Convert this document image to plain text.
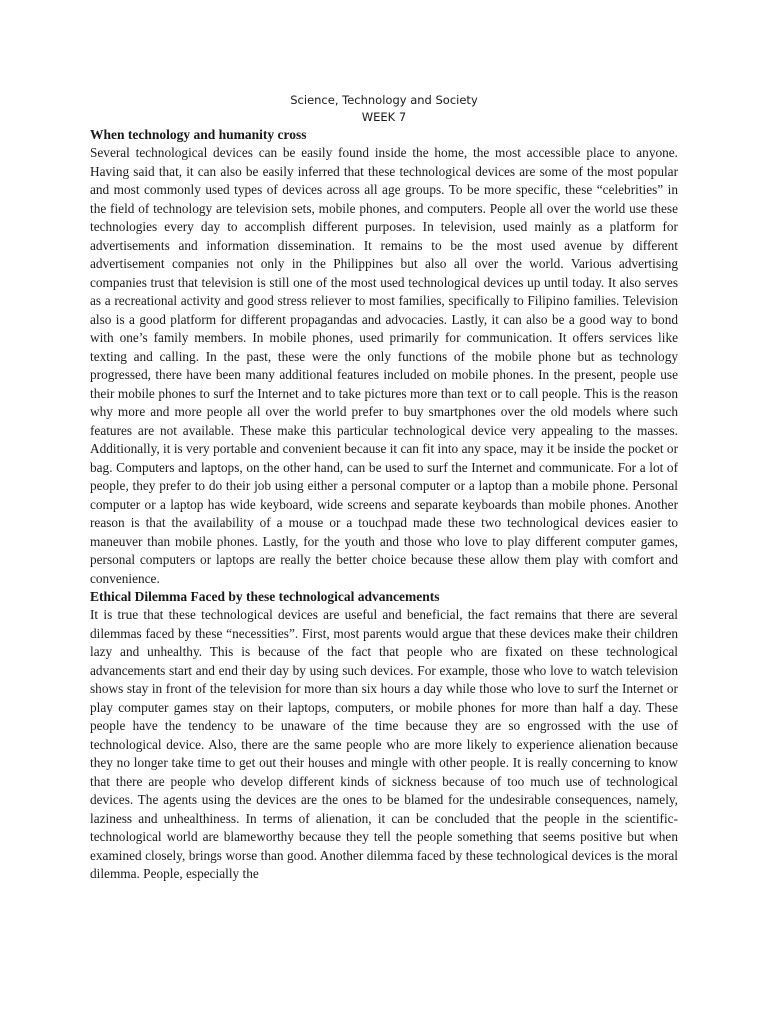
Science, Technology and Society
WEEK 7
When technology and humanity cross

Several technological devices can be easily found inside the home, the most accessible place to anyone. Having said that, it can also be easily inferred that these technological devices are some of the most popular and most commonly used types of devices across all age groups. To be more specific, these “celebrities” in the field of technology are television sets, mobile phones, and computers. People all over the world use these technologies every day to accomplish different purposes. In television, used mainly as a platform for advertisements and information dissemination. It remains to be the most used avenue by different advertisement companies not only in the Philippines but also all over the world. Various advertising companies trust that television is still one of the most used technological devices up until today. It also serves as a recreational activity and good stress reliever to most families, specifically to Filipino families. Television also is a good platform for different propagandas and advocacies. Lastly, it can also be a good way to bond with one’s family members. In mobile phones, used primarily for communication. It offers services like texting and calling. In the past, these were the only functions of the mobile phone but as technology progressed, there have been many additional features included on mobile phones. In the present, people use their mobile phones to surf the Internet and to take pictures more than text or to call people. This is the reason why more and more people all over the world prefer to buy smartphones over the old models where such features are not available. These make this particular technological device very appealing to the masses. Additionally, it is very portable and convenient because it can fit into any space, may it be inside the pocket or bag. Computers and laptops, on the other hand, can be used to surf the Internet and communicate. For a lot of people, they prefer to do their job using either a personal computer or a laptop than a mobile phone. Personal computer or a laptop has wide keyboard, wide screens and separate keyboards than mobile phones. Another reason is that the availability of a mouse or a touchpad made these two technological devices easier to maneuver than mobile phones. Lastly, for the youth and those who love to play different computer games, personal computers or laptops are really the better choice because these allow them play with comfort and convenience.

Ethical Dilemma Faced by these technological advancements

It is true that these technological devices are useful and beneficial, the fact remains that there are several dilemmas faced by these “necessities”. First, most parents would argue that these devices make their children lazy and unhealthy. This is because of the fact that people who are fixated on these technological advancements start and end their day by using such devices. For example, those who love to watch television shows stay in front of the television for more than six hours a day while those who love to surf the Internet or play computer games stay on their laptops, computers, or mobile phones for more than half a day. These people have the tendency to be unaware of the time because they are so engrossed with the use of technological device. Also, there are the same people who are more likely to experience alienation because they no longer take time to get out their houses and mingle with other people. It is really concerning to know that there are people who develop different kinds of sickness because of too much use of technological devices. The agents using the devices are the ones to be blamed for the undesirable consequences, namely, laziness and unhealthiness. In terms of alienation, it can be concluded that the people in the scientific-technological world are blameworthy because they tell the people something that seems positive but when examined closely, brings worse than good. Another dilemma faced by these technological devices is the moral dilemma. People, especially the
